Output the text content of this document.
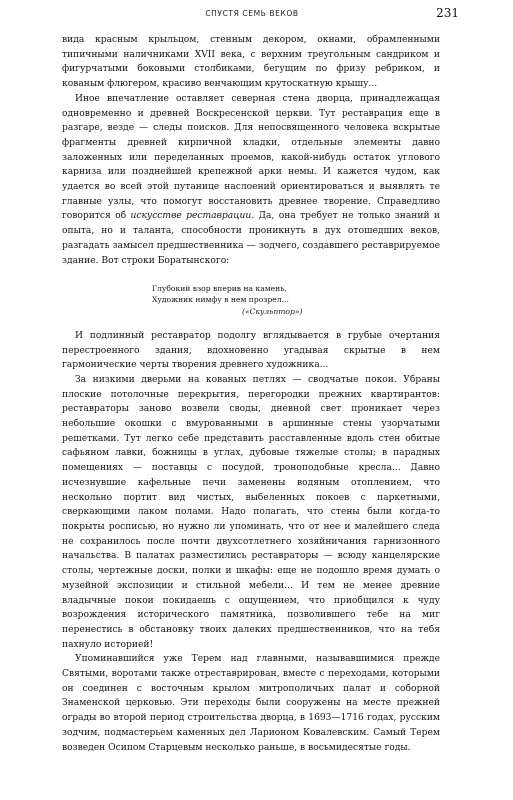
СПУСТЯ СЕМЬ ВЕКОВ	231

вида красным крыльцом, стенным декором, окнами, обрамленными типичными наличниками XVII века, с верхним треугольным сандриком и фигурчатыми боковыми столбиками, бегущим по фризу ребриком, и кованым флюгером, красиво венчающим крутоскатную крышу...

Иное впечатление оставляет северная стена дворца, принадлежащая одновременно и древней Воскресенской церкви. Тут реставрация еще в разгаре, везде — следы поисков. Для непосвященного человека вскрытые фрагменты древней кирпичной кладки, отдельные элементы давно заложенных или переделанных проемов, какой-нибудь остаток углового карниза или позднейшей крепежной арки немы. И кажется чудом, как удается во всей этой путанице наслоений ориентироваться и выявлять те главные узлы, что помогут восстановить древнее творение. Справедливо говорится об искусстве реставрации. Да, она требует не только знаний и опыта, но и таланта, способности проникнуть в дух отошедших веков, разгадать замысел предшественника — зодчего, создавшего реставрируемое здание. Вот строки Боратынского:

Глубокий взор вперив на камень,
Художник нимфу в нем прозрел...
(«Скульптор»)

И подлинный реставратор подолгу вглядывается в грубые очертания перестроенного здания, вдохновенно угадывая скрытые в нем гармонические черты творения древнего художника...

За низкими дверьми на кованых петлях — сводчатые покои. Убраны плоские потолочные перекрытия, перегородки прежних квартирантов: реставраторы заново возвели своды, дневной свет проникает через небольшие окошки с вмурованными в аршинные стены узорчатыми решетками. Тут легко себе представить расставленные вдоль стен обитые сафьяном лавки, божницы в углах, дубовые тяжелые столы; в парадных помещениях — поставцы с посудой, троноподобные кресла... Давно исчезнувшие кафельные печи заменены водяным отоплением, что нескольно портит вид чистых, выбеленных покоев с паркетными, сверкающими лаком полами. Надо полагать, что стены были когда-то покрыты росписью, но нужно ли упоминать, что от нее и малейшего следа не сохранилось после почти двухсотлетнего хозяйничания гарнизонного начальства. В палатах разместились реставраторы — всюду канцелярские столы, чертежные доски, полки и шкафы: еще не подошло время думать о музейной экспозиции и стильной мебели... И тем не менее древние владычные покои покидаешь с ощущением, что приобщился к чуду возрождения исторического памятника, позволившего тебе на миг перенестись в обстановку твоих далеких предшественников, что на тебя пахнуло историей!

Упоминавшийся уже Терем над главными, называвшимися прежде Святыми, воротами также отреставрирован, вместе с переходами, которыми он соединен с восточным крылом митрополичьих палат и соборной Знаменской церковью. Эти переходы были сооружены на месте прежней ограды во второй период строительства дворца, в 1693—1716 годах, русским зодчим, подмастерьем каменных дел Ларионом Ковалевским. Самый Терем возведен Осипом Старцевым несколько раньше, в восьмидесятые годы.
